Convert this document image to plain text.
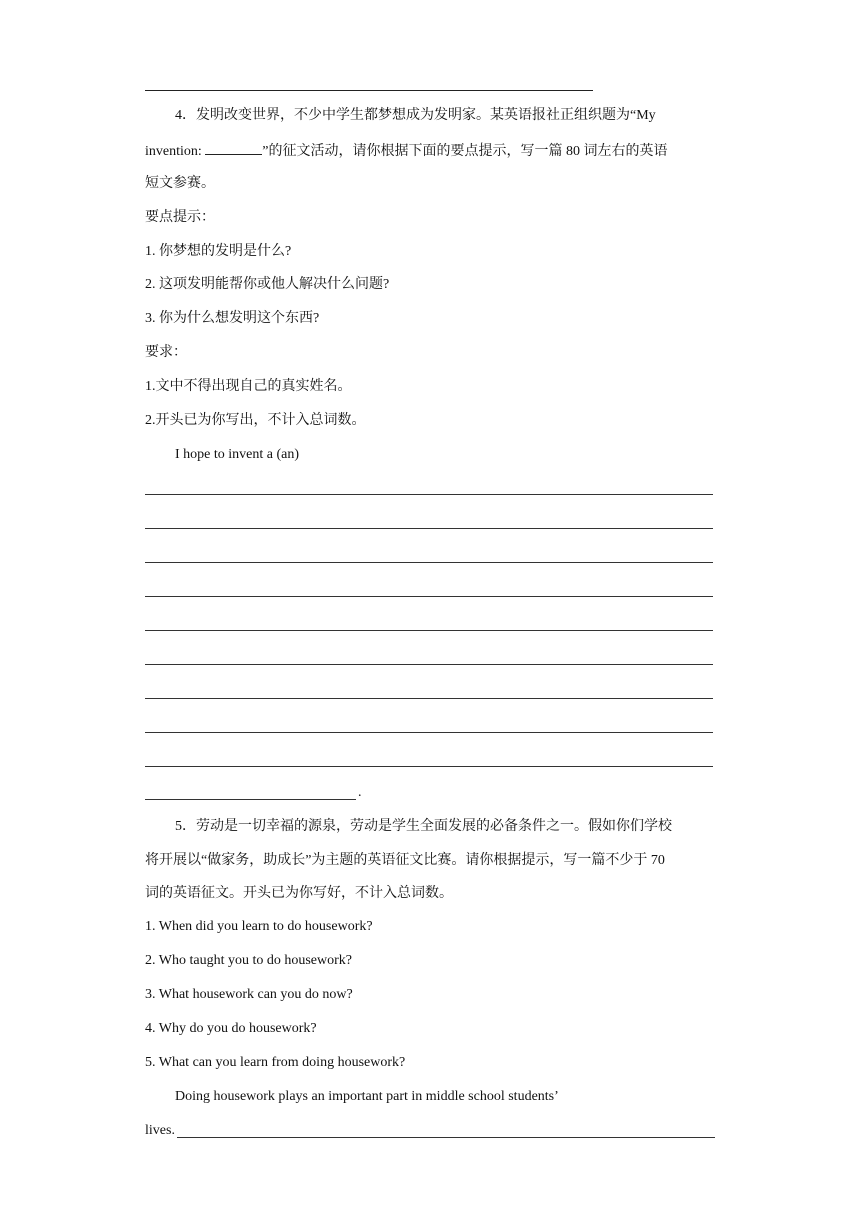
4．发明改变世界，不少中学生都梦想成为发明家。某英语报社正组织题为“My
invention:	”的征文活动，请你根据下面的要点提示，写一篇 80 词左右的英语
短文参赛。
要点提示：
1. 你梦想的发明是什么?
2. 这项发明能帮你或他人解决什么问题?
3. 你为什么想发明这个东西?
要求：
1.文中不得出现自己的真实姓名。
2.开头已为你写出，不计入总词数。
I hope to invent a (an)
.
5．劳动是一切幸福的源泉，劳动是学生全面发展的必备条件之一。假如你们学校
将开展以“做家务，助成长”为主题的英语征文比赛。请你根据提示，写一篇不少于 70
词的英语征文。开头已为你写好，不计入总词数。
1. When did you learn to do housework?
2. Who taught you to do housework?
3. What housework can you do now?
4. Why do you do housework?
5. What can you learn from doing housework?
Doing housework plays an important part in middle school students’
lives.
